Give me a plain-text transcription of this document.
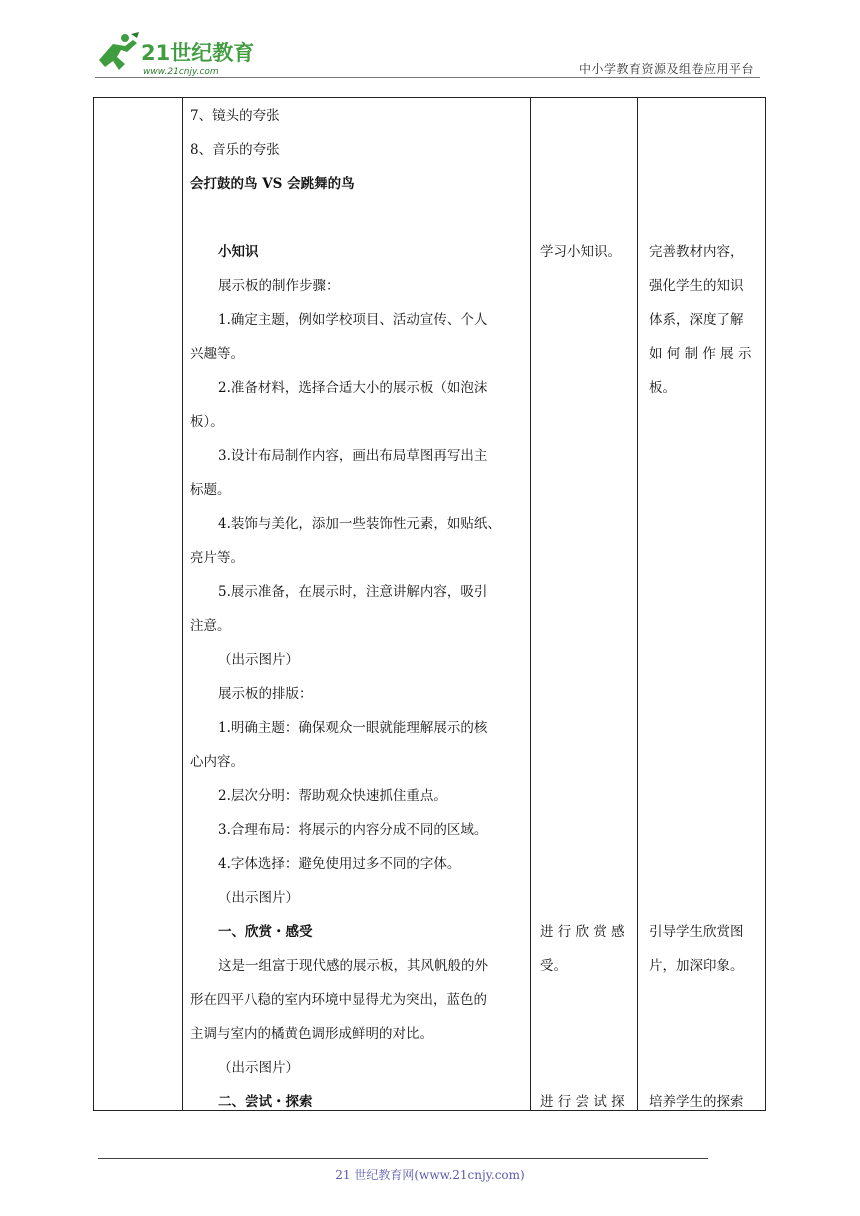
21世纪教育
www.21cnjy.com	中小学教育资源及组卷应用平台
7、镜头的夸张
8、音乐的夸张
会打鼓的鸟 VS 会跳舞的鸟
小知识
展示板的制作步骤：
1.确定主题，例如学校项目、活动宣传、个人
兴趣等。
2.准备材料，选择合适大小的展示板（如泡沫
板）。
3.设计布局制作内容，画出布局草图再写出主
标题。
4.装饰与美化，添加一些装饰性元素，如贴纸、
亮片等。
5.展示准备，在展示时，注意讲解内容，吸引
注意。
（出示图片）
展示板的排版：
1.明确主题：确保观众一眼就能理解展示的核
心内容。
2.层次分明：帮助观众快速抓住重点。
3.合理布局：将展示的内容分成不同的区域。
4.字体选择：避免使用过多不同的字体。
（出示图片）
一、欣赏・感受
这是一组富于现代感的展示板，其风帆般的外
形在四平八稳的室内环境中显得尤为突出，蓝色的
主调与室内的橘黄色调形成鲜明的对比。
（出示图片）
二、尝试・探索
学习小知识。
进 行 欣 赏 感
受。
进 行 尝 试 探
完善教材内容，
强化学生的知识
体系，深度了解
如 何 制 作 展 示
板。
引导学生欣赏图
片，加深印象。
培养学生的探索
21 世纪教育网(www.21cnjy.com)
